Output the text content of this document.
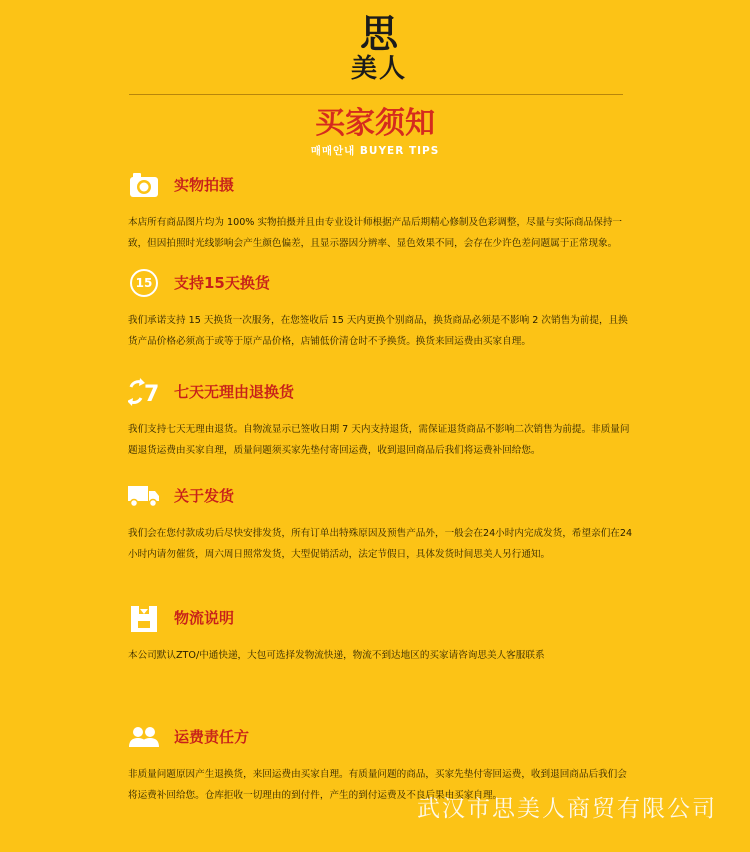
思
美人
买家须知
매매안내 BUYER TIPS
实物拍摄
本店所有商品图片均为 100% 实物拍摄并且由专业设计师根据产品后期精心修制及色彩调整，尽量与实际商品保持一致，但因拍照时光线影响会产生颜色偏差，且显示器因分辨率、显色效果不同，会存在少许色差问题属于正常现象。
15	支持15天换货
我们承诺支持 15 天换货一次服务，在您签收后 15 天内更换个别商品，换货商品必须是不影响 2 次销售为前提，且换货产品价格必须高于或等于原产品价格，店铺低价清仓时不予换货。换货来回运费由买家自理。
7 七天无理由退换货
我们支持七天无理由退货。自物流显示已签收日期 7 天内支持退货，需保证退货商品不影响二次销售为前提。非质量问题退货运费由买家自理，质量问题须买家先垫付寄回运费，收到退回商品后我们将运费补回给您。
关于发货
我们会在您付款成功后尽快安排发货，所有订单出特殊原因及预售产品外，一般会在24小时内完成发货，希望亲们在24小时内请勿催货，周六周日照常发货，大型促销活动，法定节假日，具体发货时间思美人另行通知。
物流说明
本公司默认ZTO/中通快递，大包可选择发物流快递，物流不到达地区的买家请咨询思美人客服联系
运费责任方
非质量问题原因产生退换货，来回运费由买家自理。有质量问题的商品，买家先垫付寄回运费，收到退回商品后我们会将运费补回给您。仓库拒收一切理由的到付件，产生的到付运费及不良后果由买家自理。
武汉市思美人商贸有限公司
